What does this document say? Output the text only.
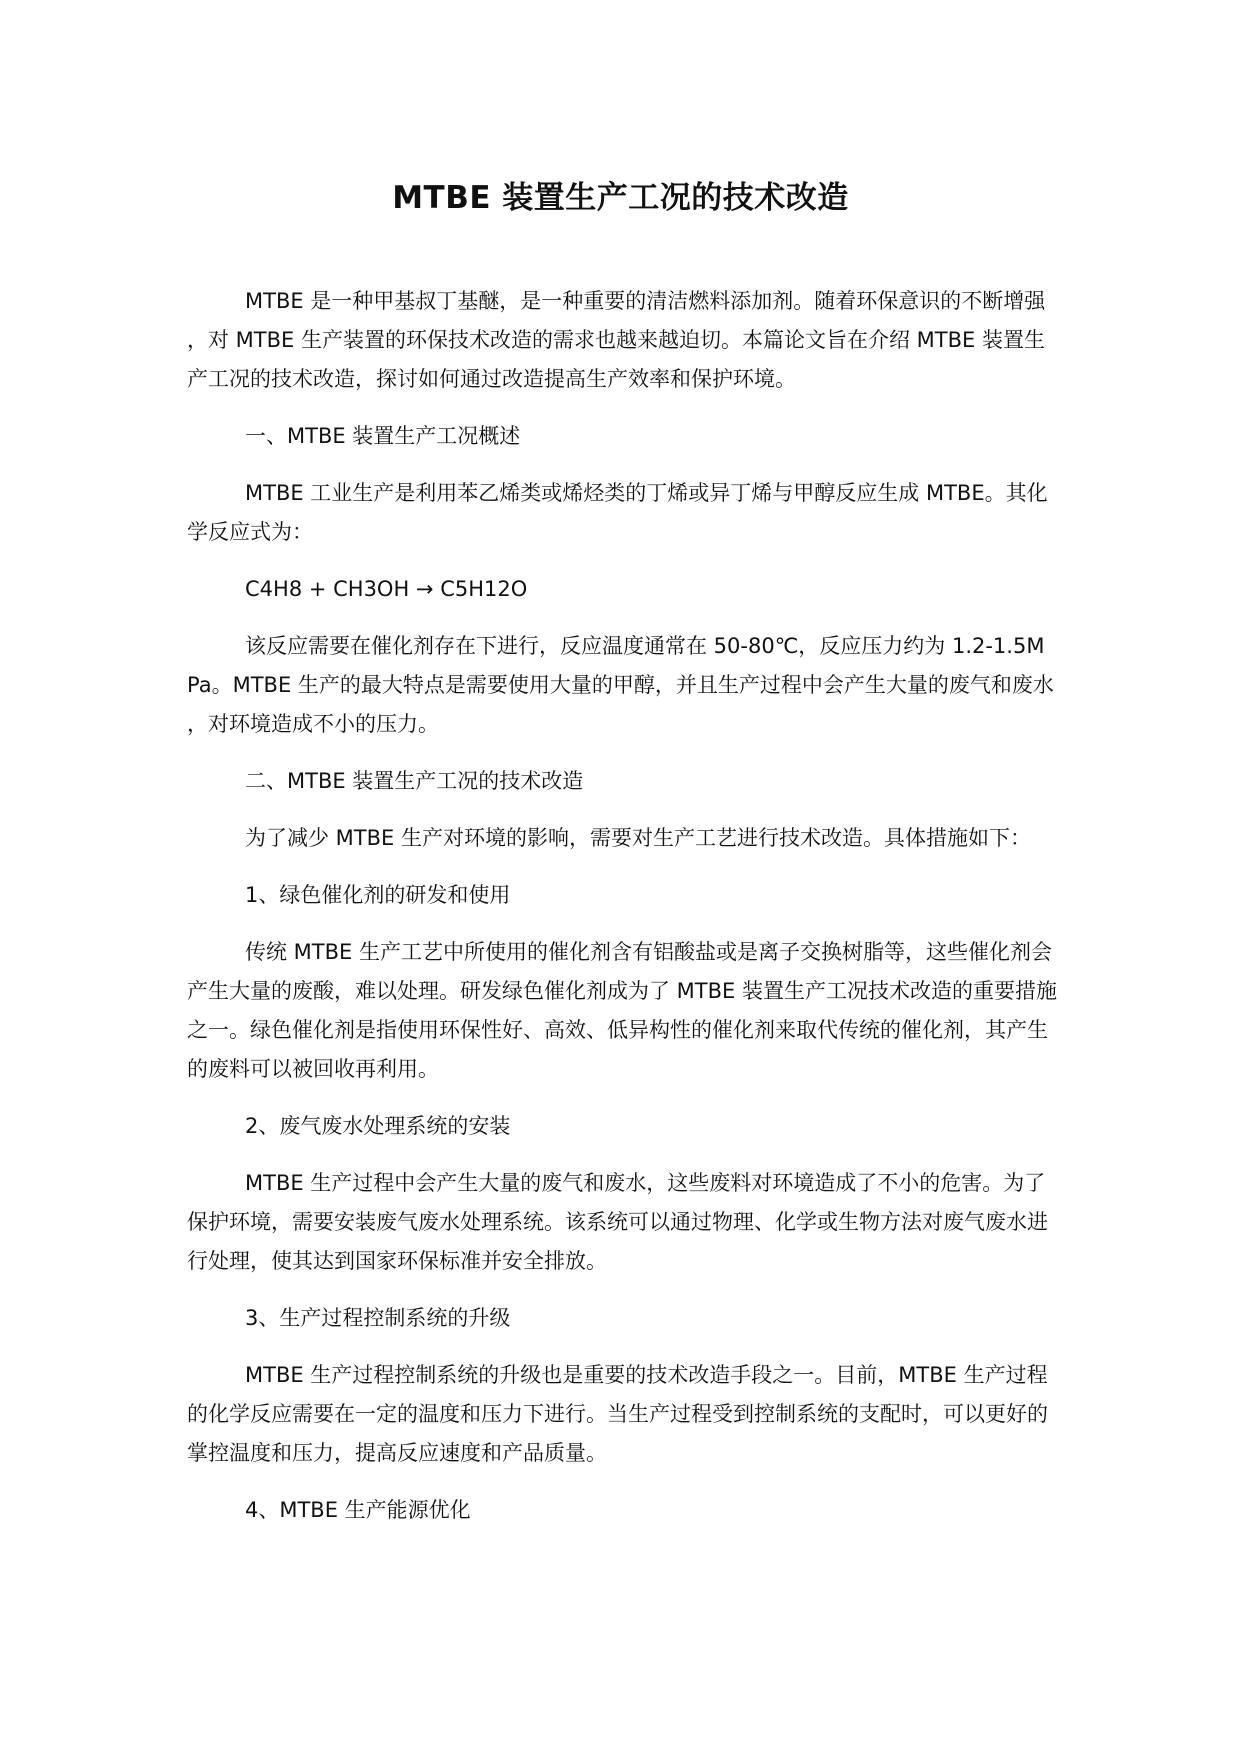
MTBE 装置生产工况的技术改造

MTBE 是一种甲基叔丁基醚，是一种重要的清洁燃料添加剂。随着环保意识的不断增强，对 MTBE 生产装置的环保技术改造的需求也越来越迫切。本篇论文旨在介绍 MTBE 装置生产工况的技术改造，探讨如何通过改造提高生产效率和保护环境。

一、MTBE 装置生产工况概述

MTBE 工业生产是利用苯乙烯类或烯烃类的丁烯或异丁烯与甲醇反应生成 MTBE。其化学反应式为：

C4H8 + CH3OH → C5H12O

该反应需要在催化剂存在下进行，反应温度通常在 50-80℃，反应压力约为 1.2-1.5MPa。MTBE 生产的最大特点是需要使用大量的甲醇，并且生产过程中会产生大量的废气和废水，对环境造成不小的压力。

二、MTBE 装置生产工况的技术改造

为了减少 MTBE 生产对环境的影响，需要对生产工艺进行技术改造。具体措施如下：

1、绿色催化剂的研发和使用

传统 MTBE 生产工艺中所使用的催化剂含有铝酸盐或是离子交换树脂等，这些催化剂会产生大量的废酸，难以处理。研发绿色催化剂成为了 MTBE 装置生产工况技术改造的重要措施之一。绿色催化剂是指使用环保性好、高效、低异构性的催化剂来取代传统的催化剂，其产生的废料可以被回收再利用。

2、废气废水处理系统的安装

MTBE 生产过程中会产生大量的废气和废水，这些废料对环境造成了不小的危害。为了保护环境，需要安装废气废水处理系统。该系统可以通过物理、化学或生物方法对废气废水进行处理，使其达到国家环保标准并安全排放。

3、生产过程控制系统的升级

MTBE 生产过程控制系统的升级也是重要的技术改造手段之一。目前，MTBE 生产过程的化学反应需要在一定的温度和压力下进行。当生产过程受到控制系统的支配时，可以更好的掌控温度和压力，提高反应速度和产品质量。

4、MTBE 生产能源优化
